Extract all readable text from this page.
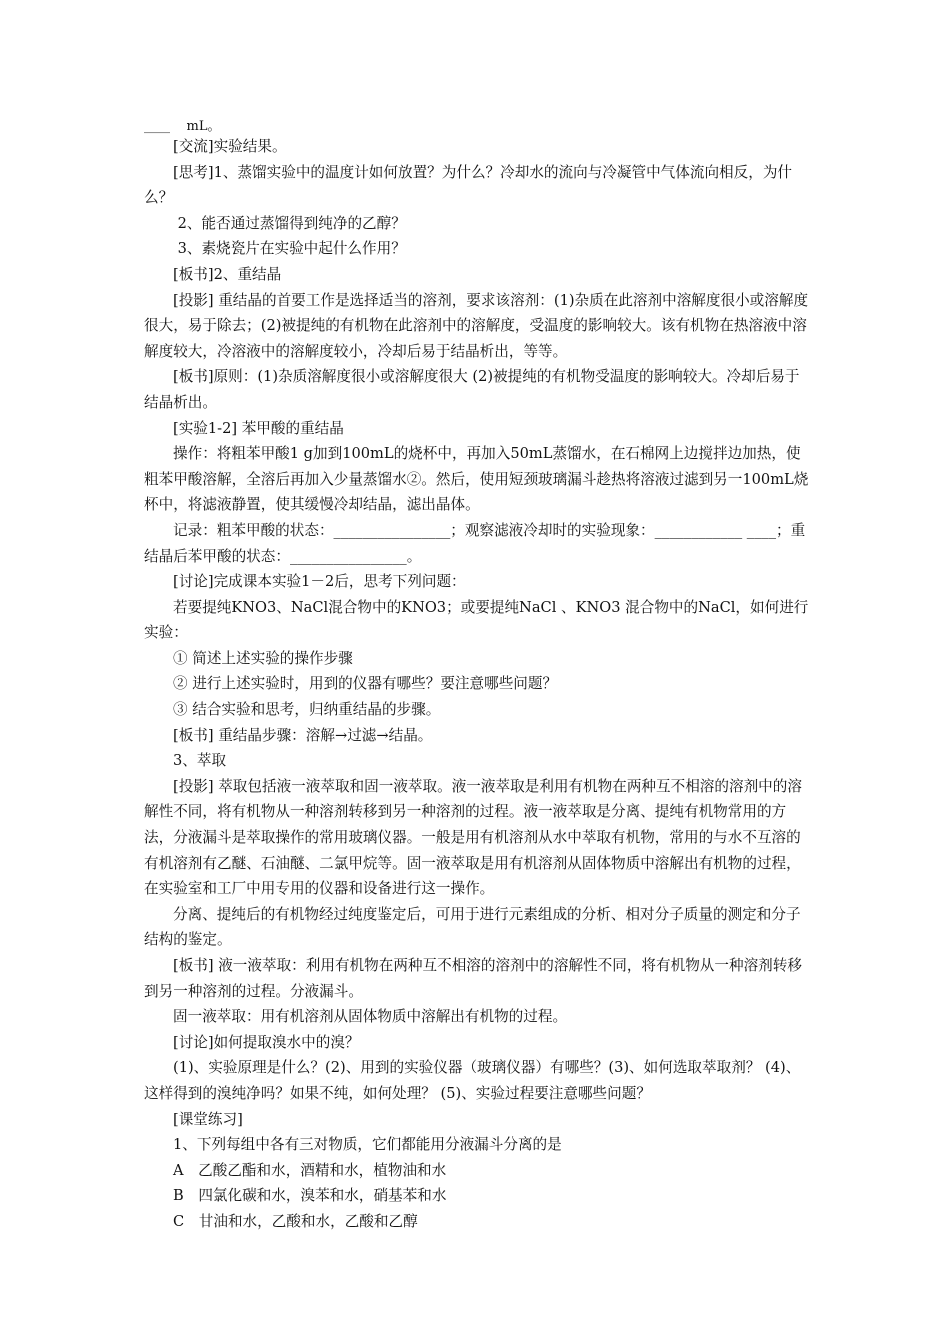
____    mL。

[交流]实验结果。

[思考]1、蒸馏实验中的温度计如何放置？为什么？冷却水的流向与冷凝管中气体流向相反，为什么？

2、能否通过蒸馏得到纯净的乙醇？

3、素烧瓷片在实验中起什么作用？

[板书]2、重结晶

[投影] 重结晶的首要工作是选择适当的溶剂，要求该溶剂：(1)杂质在此溶剂中溶解度很小或溶解度很大，易于除去；(2)被提纯的有机物在此溶剂中的溶解度，受温度的影响较大。该有机物在热溶液中溶解度较大，冷溶液中的溶解度较小，冷却后易于结晶析出，等等。

[板书]原则：(1)杂质溶解度很小或溶解度很大 (2)被提纯的有机物受温度的影响较大。冷却后易于结晶析出。

[实验1-2] 苯甲酸的重结晶

操作：将粗苯甲酸1 g加到100mL的烧杯中，再加入50mL蒸馏水，在石棉网上边搅拌边加热，使粗苯甲酸溶解，全溶后再加入少量蒸馏水②。然后，使用短颈玻璃漏斗趁热将溶液过滤到另一100mL烧杯中，将滤液静置，使其缓慢冷却结晶，滤出晶体。

记录：粗苯甲酸的状态：________________；观察滤液冷却时的实验现象：____________ ____；重结晶后苯甲酸的状态：________________。

[讨论]完成课本实验1－2后，思考下列问题：

若要提纯KNO3、NaCl混合物中的KNO3；或要提纯NaCl 、KNO3 混合物中的NaCl，如何进行实验：

① 简述上述实验的操作步骤

② 进行上述实验时，用到的仪器有哪些？要注意哪些问题？

③ 结合实验和思考，归纳重结晶的步骤。

[板书] 重结晶步骤：溶解→过滤→结晶。

3、萃取

[投影] 萃取包括液一液萃取和固一液萃取。液一液萃取是利用有机物在两种互不相溶的溶剂中的溶解性不同，将有机物从一种溶剂转移到另一种溶剂的过程。液一液萃取是分离、提纯有机物常用的方法，分液漏斗是萃取操作的常用玻璃仪器。一般是用有机溶剂从水中萃取有机物，常用的与水不互溶的有机溶剂有乙醚、石油醚、二氯甲烷等。固一液萃取是用有机溶剂从固体物质中溶解出有机物的过程，在实验室和工厂中用专用的仪器和设备进行这一操作。

分离、提纯后的有机物经过纯度鉴定后，可用于进行元素组成的分析、相对分子质量的测定和分子结构的鉴定。

[板书] 液一液萃取：利用有机物在两种互不相溶的溶剂中的溶解性不同，将有机物从一种溶剂转移到另一种溶剂的过程。分液漏斗。

固一液萃取：用有机溶剂从固体物质中溶解出有机物的过程。

[讨论]如何提取溴水中的溴？

(1)、实验原理是什么？(2)、用到的实验仪器（玻璃仪器）有哪些？(3)、如何选取萃取剂？ (4)、这样得到的溴纯净吗？如果不纯，如何处理？ (5)、实验过程要注意哪些问题？

[课堂练习]

1、下列每组中各有三对物质，它们都能用分液漏斗分离的是

A　乙酸乙酯和水，酒精和水，植物油和水

B　四氯化碳和水，溴苯和水，硝基苯和水

C　甘油和水，乙酸和水，乙酸和乙醇
